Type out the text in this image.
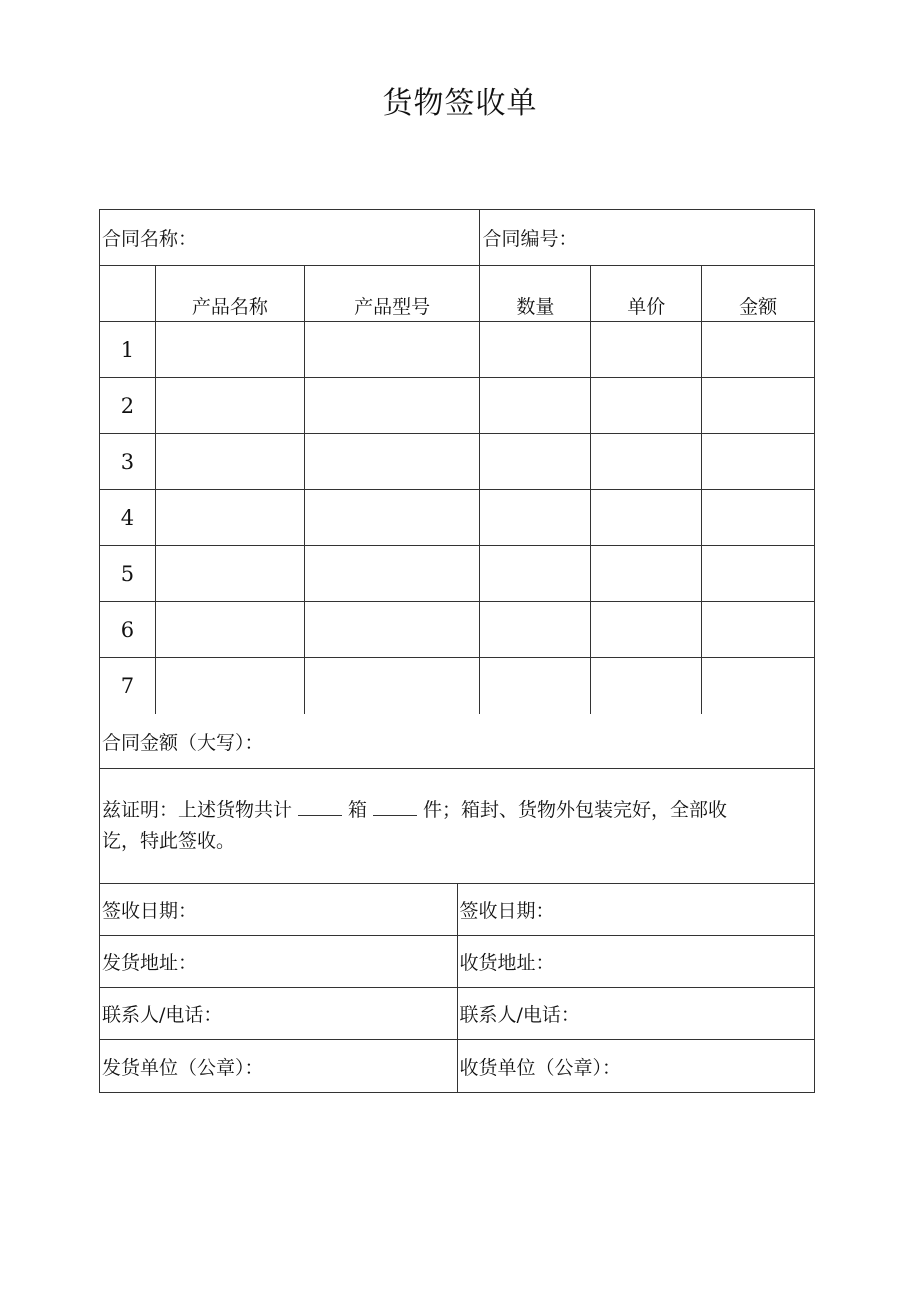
货物签收单
合同名称：	合同编号：
产品名称	产品型号	数量	单价	金额
1
2
3
4
5
6
7
合同金额（大写）：
兹证明：上述货物共计	箱	件；箱封、货物外包装完好，全部收
讫，特此签收。
签收日期：	签收日期：
发货地址：	收货地址：
联系人/电话：	联系人/电话：
发货单位（公章）：	收货单位（公章）：
